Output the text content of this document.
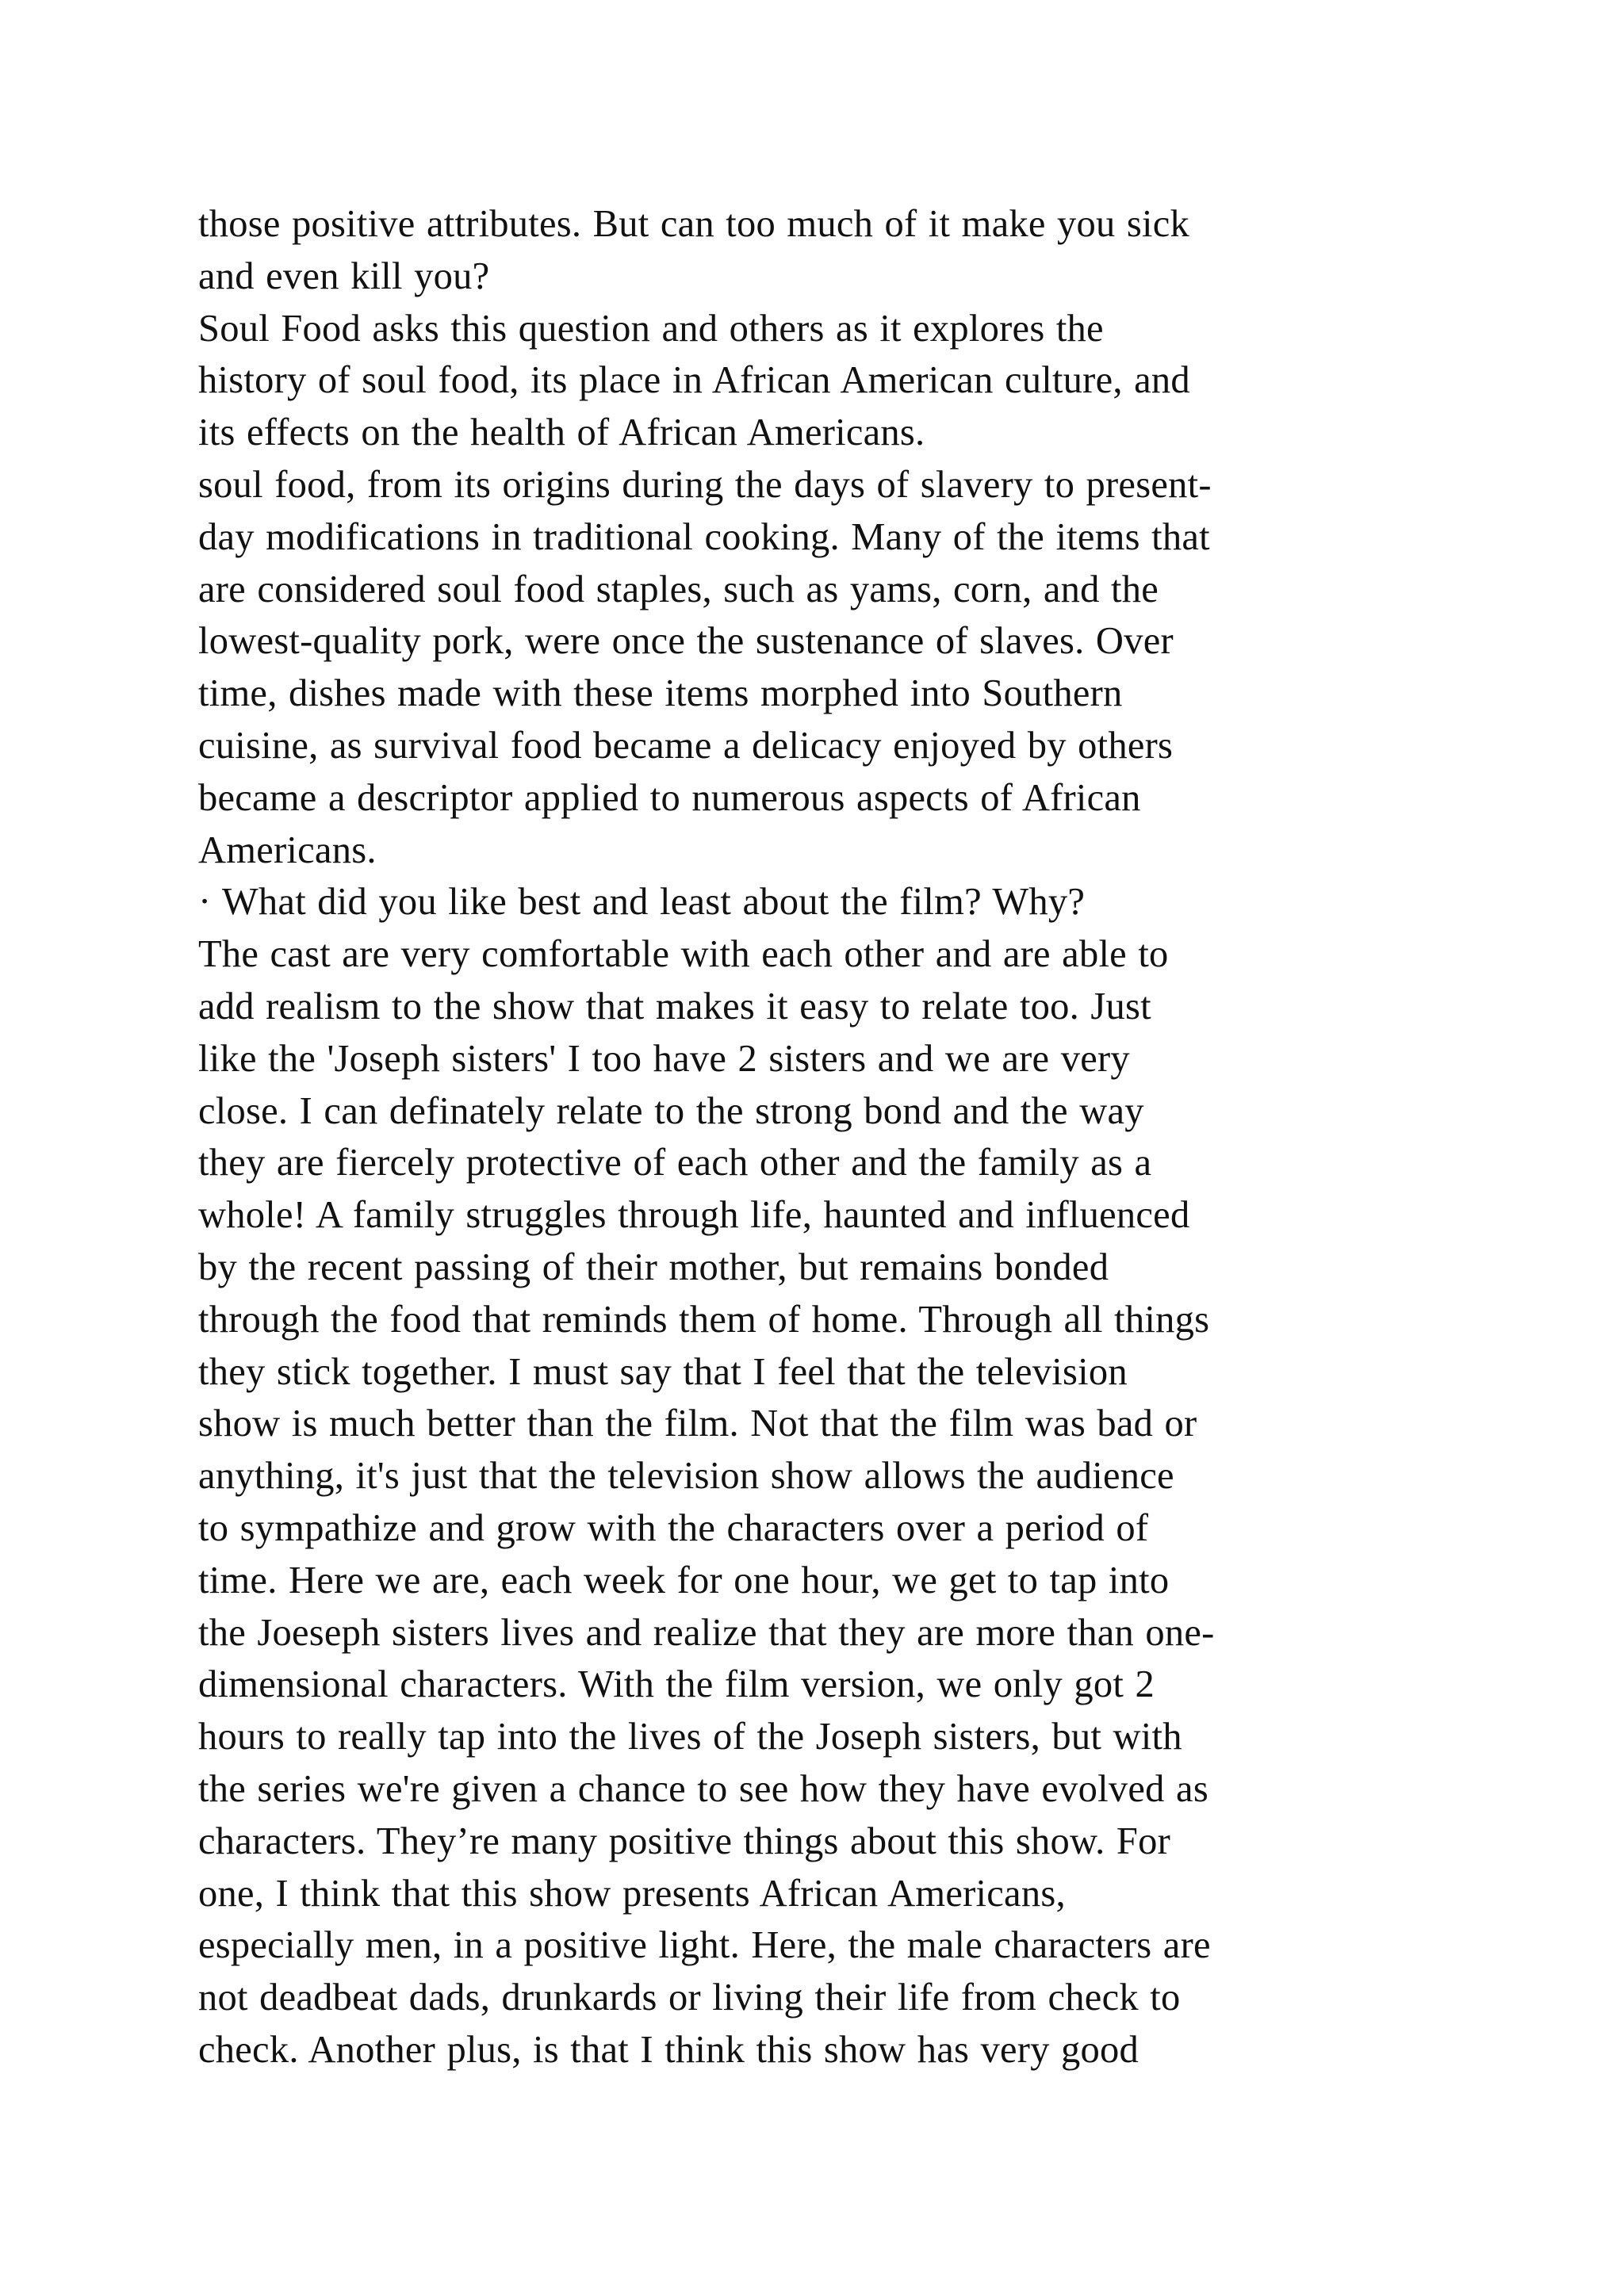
those positive attributes. But can too much of it make you sick
and even kill you?
Soul Food asks this question and others as it explores the
history of soul food, its place in African American culture, and
its effects on the health of African Americans.
soul food, from its origins during the days of slavery to present-
day modifications in traditional cooking. Many of the items that
are considered soul food staples, such as yams, corn, and the
lowest-quality pork, were once the sustenance of slaves. Over
time, dishes made with these items morphed into Southern
cuisine, as survival food became a delicacy enjoyed by others
became a descriptor applied to numerous aspects of African
Americans.
· What did you like best and least about the film? Why?
The cast are very comfortable with each other and are able to
add realism to the show that makes it easy to relate too. Just
like the 'Joseph sisters' I too have 2 sisters and we are very
close. I can definately relate to the strong bond and the way
they are fiercely protective of each other and the family as a
whole! A family struggles through life, haunted and influenced
by the recent passing of their mother, but remains bonded
through the food that reminds them of home. Through all things
they stick together. I must say that I feel that the television
show is much better than the film. Not that the film was bad or
anything, it's just that the television show allows the audience
to sympathize and grow with the characters over a period of
time. Here we are, each week for one hour, we get to tap into
the Joeseph sisters lives and realize that they are more than one-
dimensional characters. With the film version, we only got 2
hours to really tap into the lives of the Joseph sisters, but with
the series we're given a chance to see how they have evolved as
characters. They’re many positive things about this show. For
one, I think that this show presents African Americans,
especially men, in a positive light. Here, the male characters are
not deadbeat dads, drunkards or living their life from check to
check. Another plus, is that I think this show has very good
